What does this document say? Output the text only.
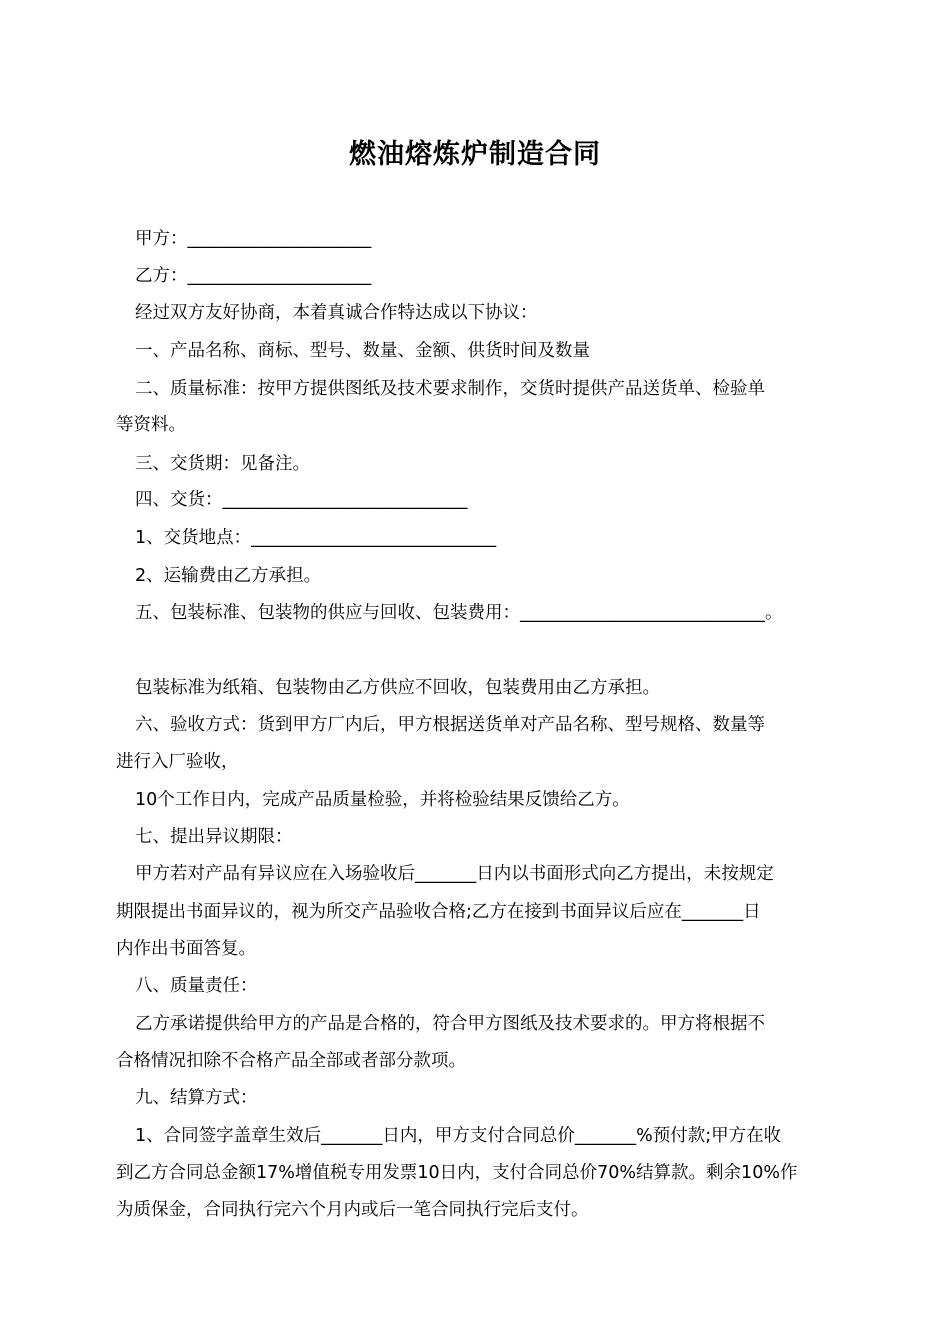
燃油熔炼炉制造合同
甲方：_____________________
乙方：_____________________
经过双方友好协商，本着真诚合作特达成以下协议：
一、产品名称、商标、型号、数量、金额、供货时间及数量
二、质量标准：按甲方提供图纸及技术要求制作，交货时提供产品送货单、检验单
等资料。
三、交货期：见备注。
四、交货：____________________________
1、交货地点：____________________________
2、运输费由乙方承担。
五、包装标准、包装物的供应与回收、包装费用：____________________________。
包装标准为纸箱、包装物由乙方供应不回收，包装费用由乙方承担。
六、验收方式：货到甲方厂内后，甲方根据送货单对产品名称、型号规格、数量等
进行入厂验收，
10个工作日内，完成产品质量检验，并将检验结果反馈给乙方。
七、提出异议期限：
甲方若对产品有异议应在入场验收后_______日内以书面形式向乙方提出，未按规定
期限提出书面异议的，视为所交产品验收合格;乙方在接到书面异议后应在_______日
内作出书面答复。
八、质量责任：
乙方承诺提供给甲方的产品是合格的，符合甲方图纸及技术要求的。甲方将根据不
合格情况扣除不合格产品全部或者部分款项。
九、结算方式：
1、合同签字盖章生效后_______日内，甲方支付合同总价_______%预付款;甲方在收
到乙方合同总金额17%增值税专用发票10日内，支付合同总价70%结算款。剩余10%作
为质保金，合同执行完六个月内或后一笔合同执行完后支付。
